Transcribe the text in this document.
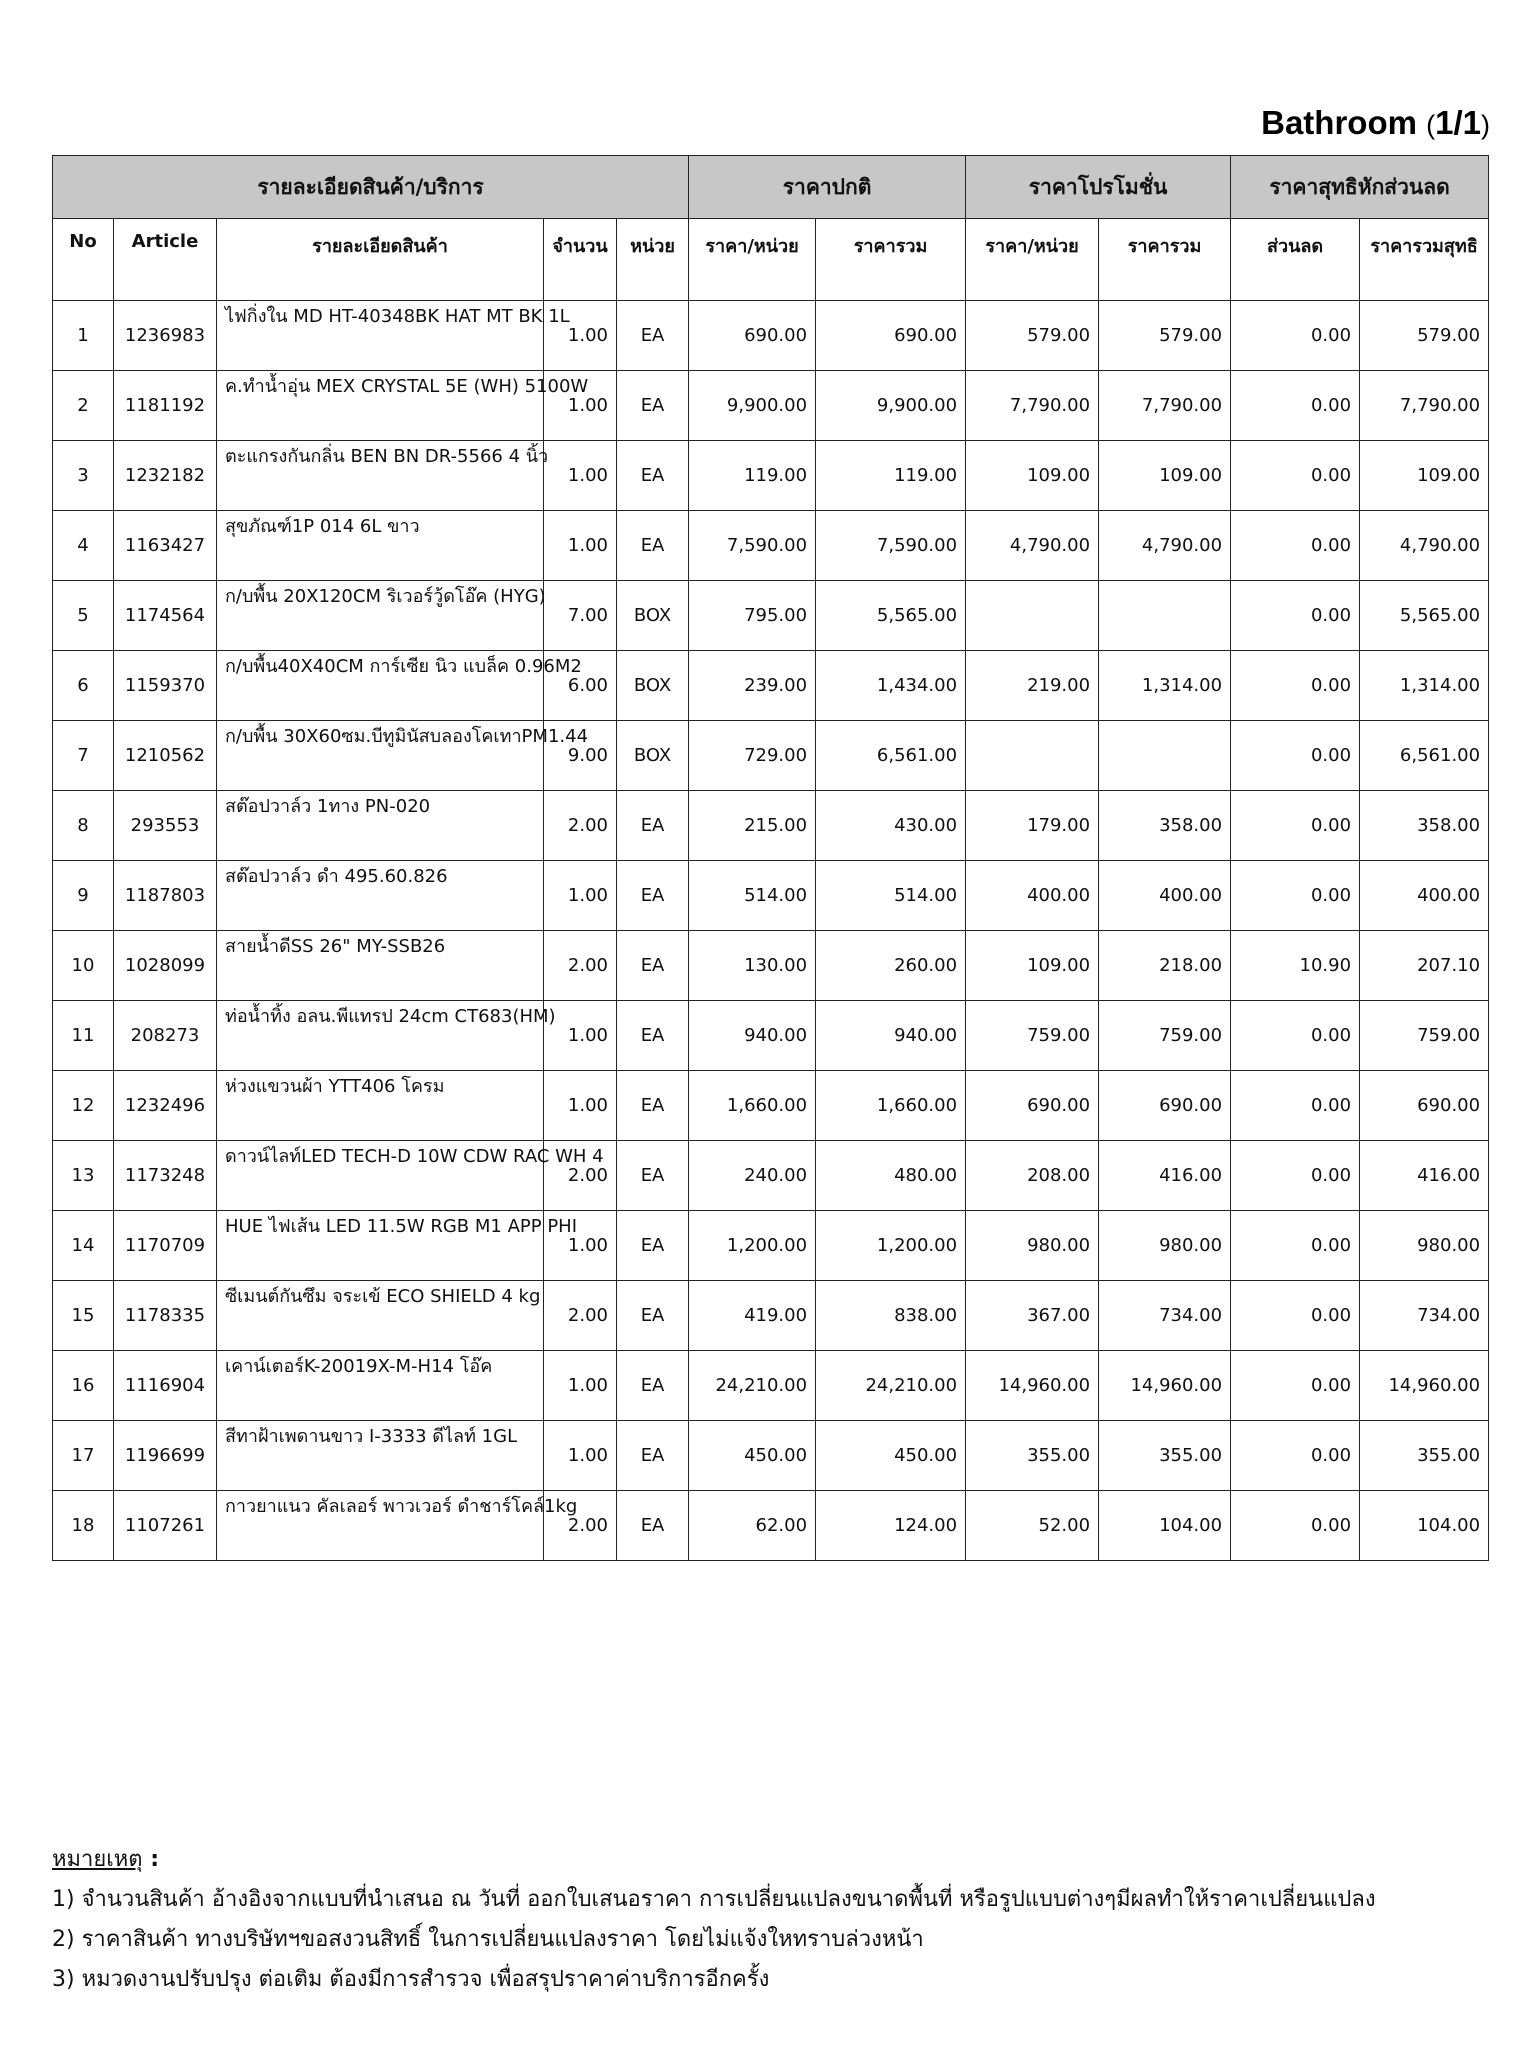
Bathroom (1/1)
รายละเอียดสินค้า/บริการ					ราคาปกติ		ราคาโปรโมชั่น		ราคาสุทธิหักส่วนลด	
No	Article	รายละเอียดสินค้า	จำนวน	หน่วย	ราคา/หน่วย	ราคารวม	ราคา/หน่วย	ราคารวม	ส่วนลด	ราคารวมสุทธิ
1	1236983	ไฟกิ่งใน MD HT-40348BK HAT MT BK 1L	1.00	EA	690.00	690.00	579.00	579.00	0.00	579.00
2	1181192	ค.ทำน้ำอุ่น MEX CRYSTAL 5E (WH) 5100W	1.00	EA	9,900.00	9,900.00	7,790.00	7,790.00	0.00	7,790.00
3	1232182	ตะแกรงกันกลิ่น BEN BN DR-5566 4 นิ้ว	1.00	EA	119.00	119.00	109.00	109.00	0.00	109.00
4	1163427	สุขภัณฑ์1P 014 6L ขาว	1.00	EA	7,590.00	7,590.00	4,790.00	4,790.00	0.00	4,790.00
5	1174564	ก/บพื้น 20X120CM ริเวอร์วู้ดโอ๊ค (HYG)	7.00	BOX	795.00	5,565.00			0.00	5,565.00
6	1159370	ก/บพื้น40X40CM การ์เซีย นิว แบล็ค 0.96M2	6.00	BOX	239.00	1,434.00	219.00	1,314.00	0.00	1,314.00
7	1210562	ก/บพื้น 30X60ซม.บีทูมินัสบลองโคเทาPM1.44	9.00	BOX	729.00	6,561.00			0.00	6,561.00
8	293553	สต๊อปวาล์ว 1ทาง PN-020	2.00	EA	215.00	430.00	179.00	358.00	0.00	358.00
9	1187803	สต๊อปวาล์ว ดำ 495.60.826	1.00	EA	514.00	514.00	400.00	400.00	0.00	400.00
10	1028099	สายน้ำดีSS 26" MY-SSB26	2.00	EA	130.00	260.00	109.00	218.00	10.90	207.10
11	208273	ท่อน้ำทิ้ง อลน.พีแทรป 24cm CT683(HM)	1.00	EA	940.00	940.00	759.00	759.00	0.00	759.00
12	1232496	ห่วงแขวนผ้า YTT406 โครม	1.00	EA	1,660.00	1,660.00	690.00	690.00	0.00	690.00
13	1173248	ดาวน์ไลท์LED TECH-D 10W CDW RAC WH 4	2.00	EA	240.00	480.00	208.00	416.00	0.00	416.00
14	1170709	HUE ไฟเส้น LED 11.5W RGB M1 APP PHI	1.00	EA	1,200.00	1,200.00	980.00	980.00	0.00	980.00
15	1178335	ซีเมนต์กันซึม จระเข้ ECO SHIELD 4 kg	2.00	EA	419.00	838.00	367.00	734.00	0.00	734.00
16	1116904	เคาน์เตอร์K-20019X-M-H14 โอ๊ค	1.00	EA	24,210.00	24,210.00	14,960.00	14,960.00	0.00	14,960.00
17	1196699	สีทาฝ้าเพดานขาว I-3333 ดีไลท์ 1GL	1.00	EA	450.00	450.00	355.00	355.00	0.00	355.00
18	1107261	กาวยาแนว คัลเลอร์ พาวเวอร์ ดำชาร์โคล์1kg	2.00	EA	62.00	124.00	52.00	104.00	0.00	104.00
หมายเหตุ :
1) จำนวนสินค้า อ้างอิงจากแบบที่นำเสนอ ณ วันที่ ออกใบเสนอราคา การเปลี่ยนแปลงขนาดพื้นที่ หรือรูปแบบต่างๆมีผลทำให้ราคาเปลี่ยนแปลง
2) ราคาสินค้า ทางบริษัทฯขอสงวนสิทธิ์ ในการเปลี่ยนแปลงราคา โดยไม่แจ้งใหทราบล่วงหน้า
3) หมวดงานปรับปรุง ต่อเติม ต้องมีการสำรวจ เพื่อสรุปราคาค่าบริการอีกครั้ง
